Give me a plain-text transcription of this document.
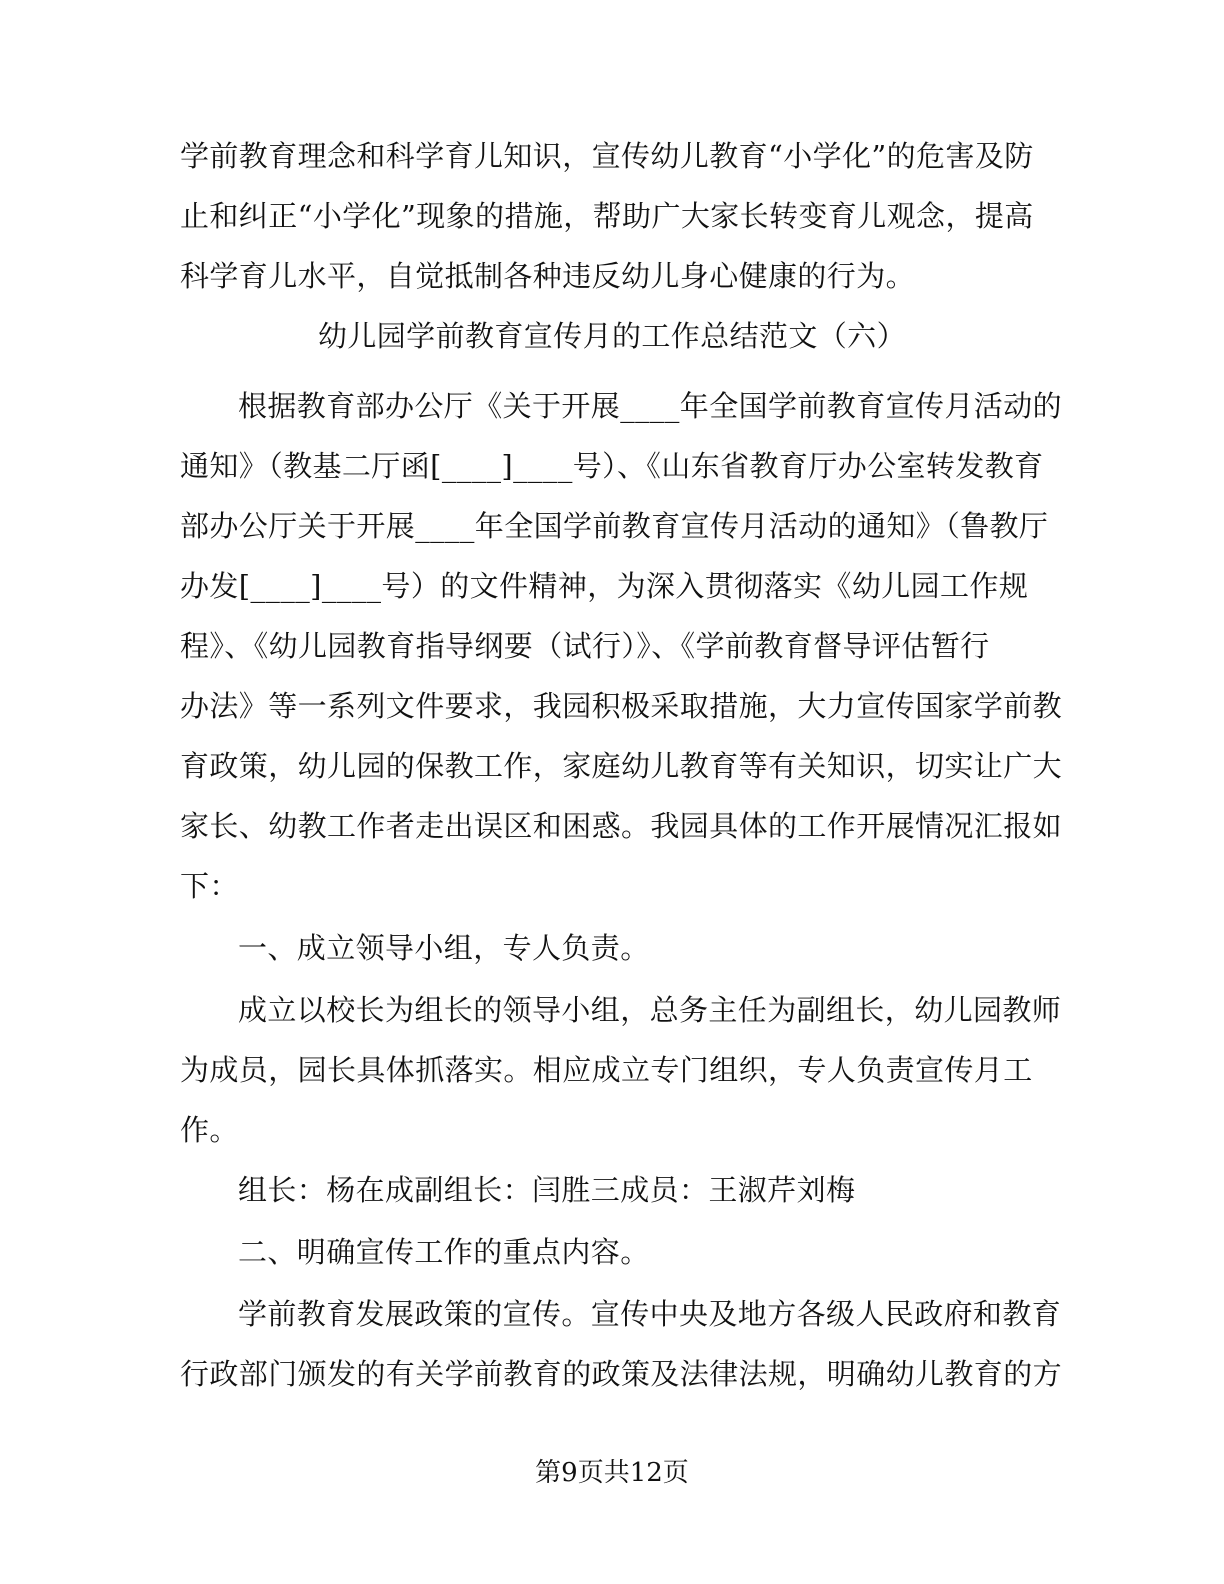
学前教育理念和科学育儿知识，宣传幼儿教育“小学化”的危害及防
止和纠正“小学化”现象的措施，帮助广大家长转变育儿观念，提高
科学育儿水平，自觉抵制各种违反幼儿身心健康的行为。
幼儿园学前教育宣传月的工作总结范文（六）
根据教育部办公厅《关于开展____年全国学前教育宣传月活动的
通知》（教基二厅函[____]____号）、《山东省教育厅办公室转发教育
部办公厅关于开展____年全国学前教育宣传月活动的通知》（鲁教厅
办发[____]____号）的文件精神，为深入贯彻落实《幼儿园工作规
程》、《幼儿园教育指导纲要（试行）》、《学前教育督导评估暂行
办法》等一系列文件要求，我园积极采取措施，大力宣传国家学前教
育政策，幼儿园的保教工作，家庭幼儿教育等有关知识，切实让广大
家长、幼教工作者走出误区和困惑。我园具体的工作开展情况汇报如
下：
一、成立领导小组，专人负责。
成立以校长为组长的领导小组，总务主任为副组长，幼儿园教师
为成员，园长具体抓落实。相应成立专门组织，专人负责宣传月工
作。
组长：杨在成副组长：闫胜三成员：王淑芹刘梅
二、明确宣传工作的重点内容。
学前教育发展政策的宣传。宣传中央及地方各级人民政府和教育
行政部门颁发的有关学前教育的政策及法律法规，明确幼儿教育的方
第9页共12页
